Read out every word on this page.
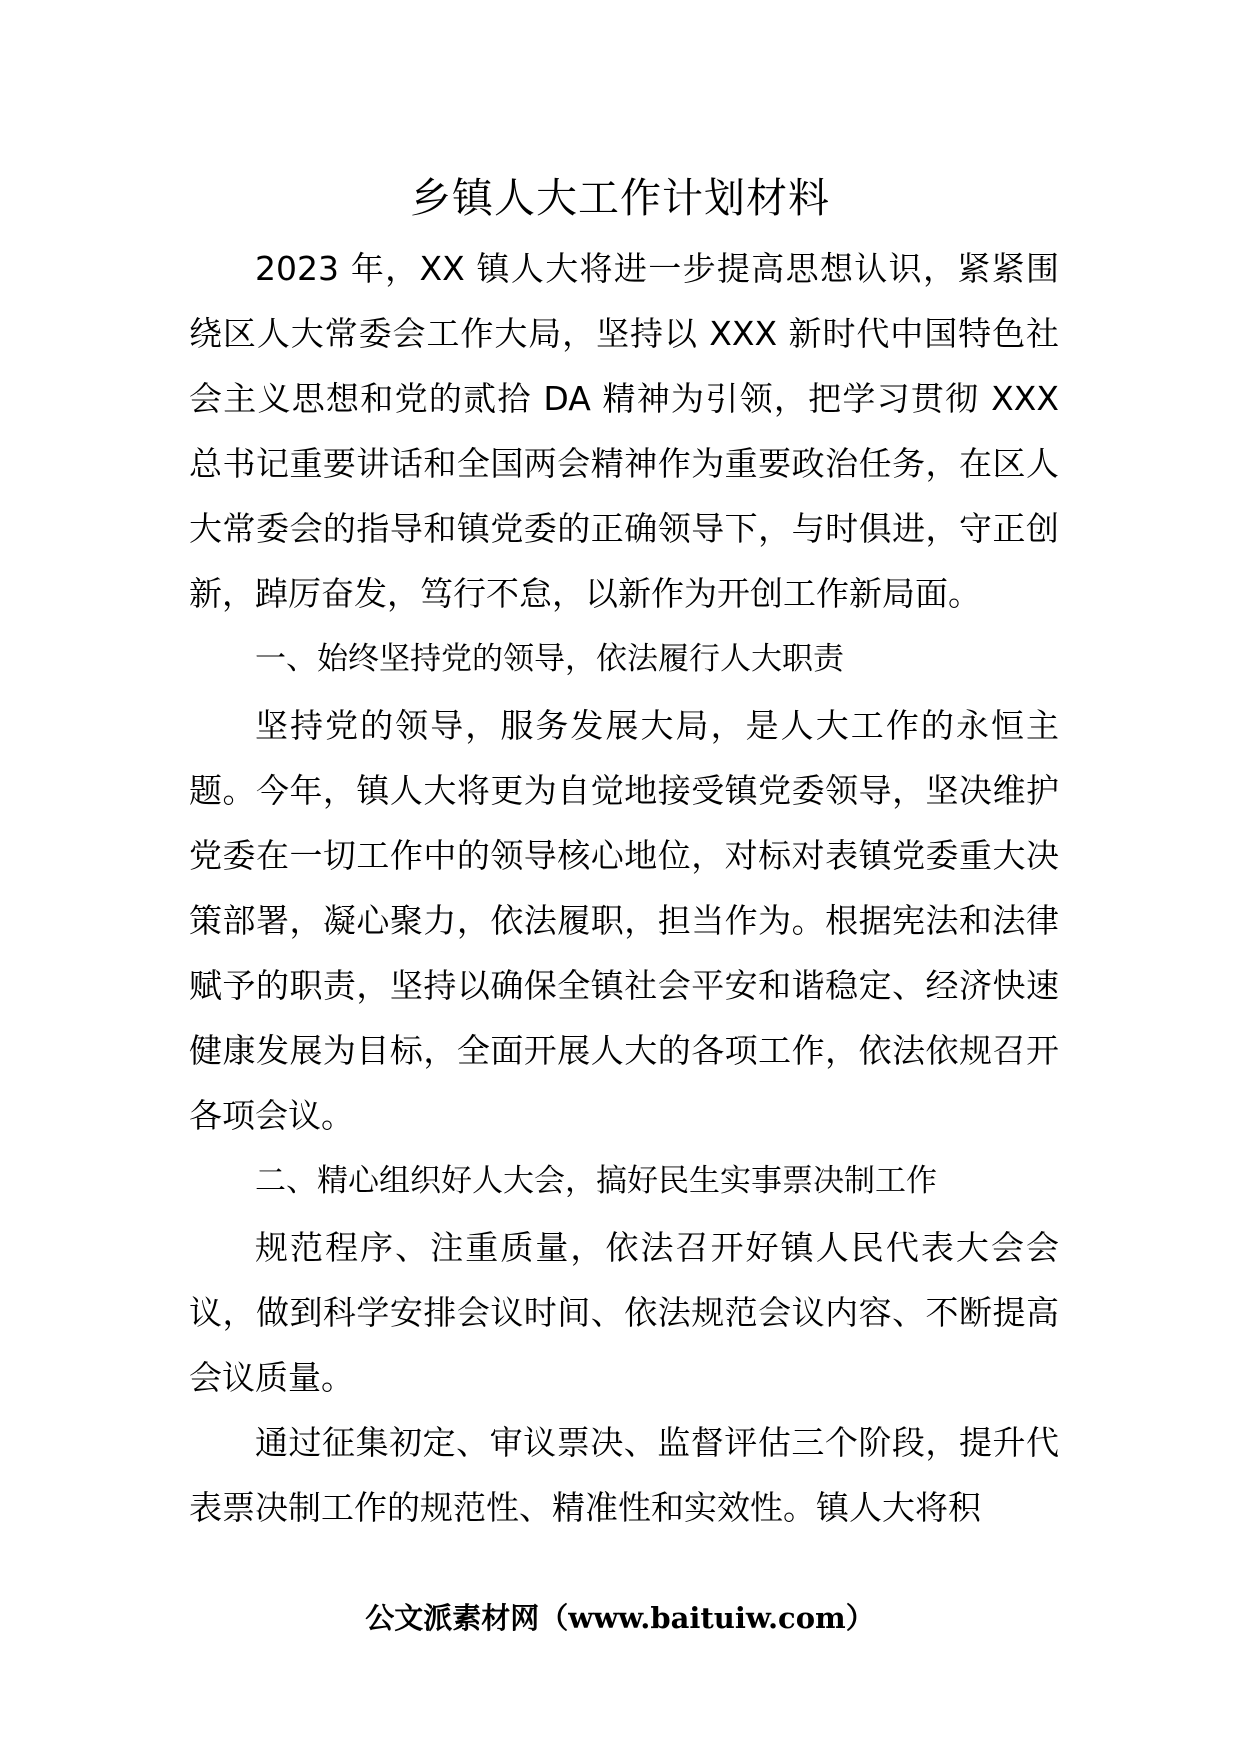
乡镇人大工作计划材料

2023 年，XX 镇人大将进一步提高思想认识，紧紧围绕区人大常委会工作大局，坚持以 XXX 新时代中国特色社会主义思想和党的贰拾 DA 精神为引领，把学习贯彻 XXX 总书记重要讲话和全国两会精神作为重要政治任务，在区人大常委会的指导和镇党委的正确领导下，与时俱进，守正创新，踔厉奋发，笃行不怠，以新作为开创工作新局面。

一、始终坚持党的领导，依法履行人大职责

坚持党的领导，服务发展大局，是人大工作的永恒主题。今年，镇人大将更为自觉地接受镇党委领导，坚决维护党委在一切工作中的领导核心地位，对标对表镇党委重大决策部署，凝心聚力，依法履职，担当作为。根据宪法和法律赋予的职责，坚持以确保全镇社会平安和谐稳定、经济快速健康发展为目标，全面开展人大的各项工作，依法依规召开各项会议。

二、精心组织好人大会，搞好民生实事票决制工作

规范程序、注重质量，依法召开好镇人民代表大会会议，做到科学安排会议时间、依法规范会议内容、不断提高会议质量。

通过征集初定、审议票决、监督评估三个阶段，提升代表票决制工作的规范性、精准性和实效性。镇人大将积

公文派素材网（www.baituiw.com）
